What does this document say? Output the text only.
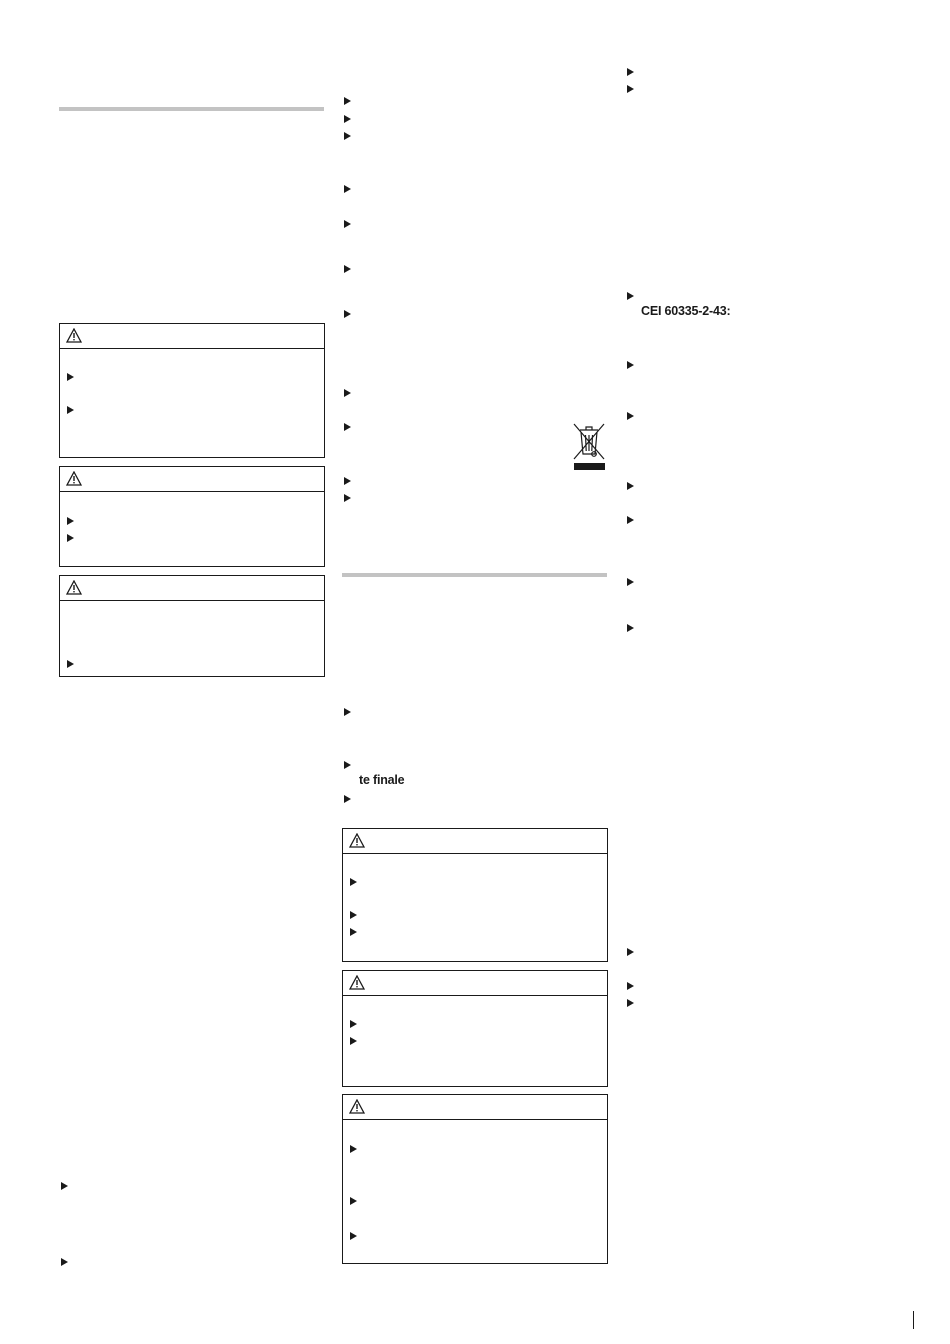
te finale
CEI 60335-2-43:
